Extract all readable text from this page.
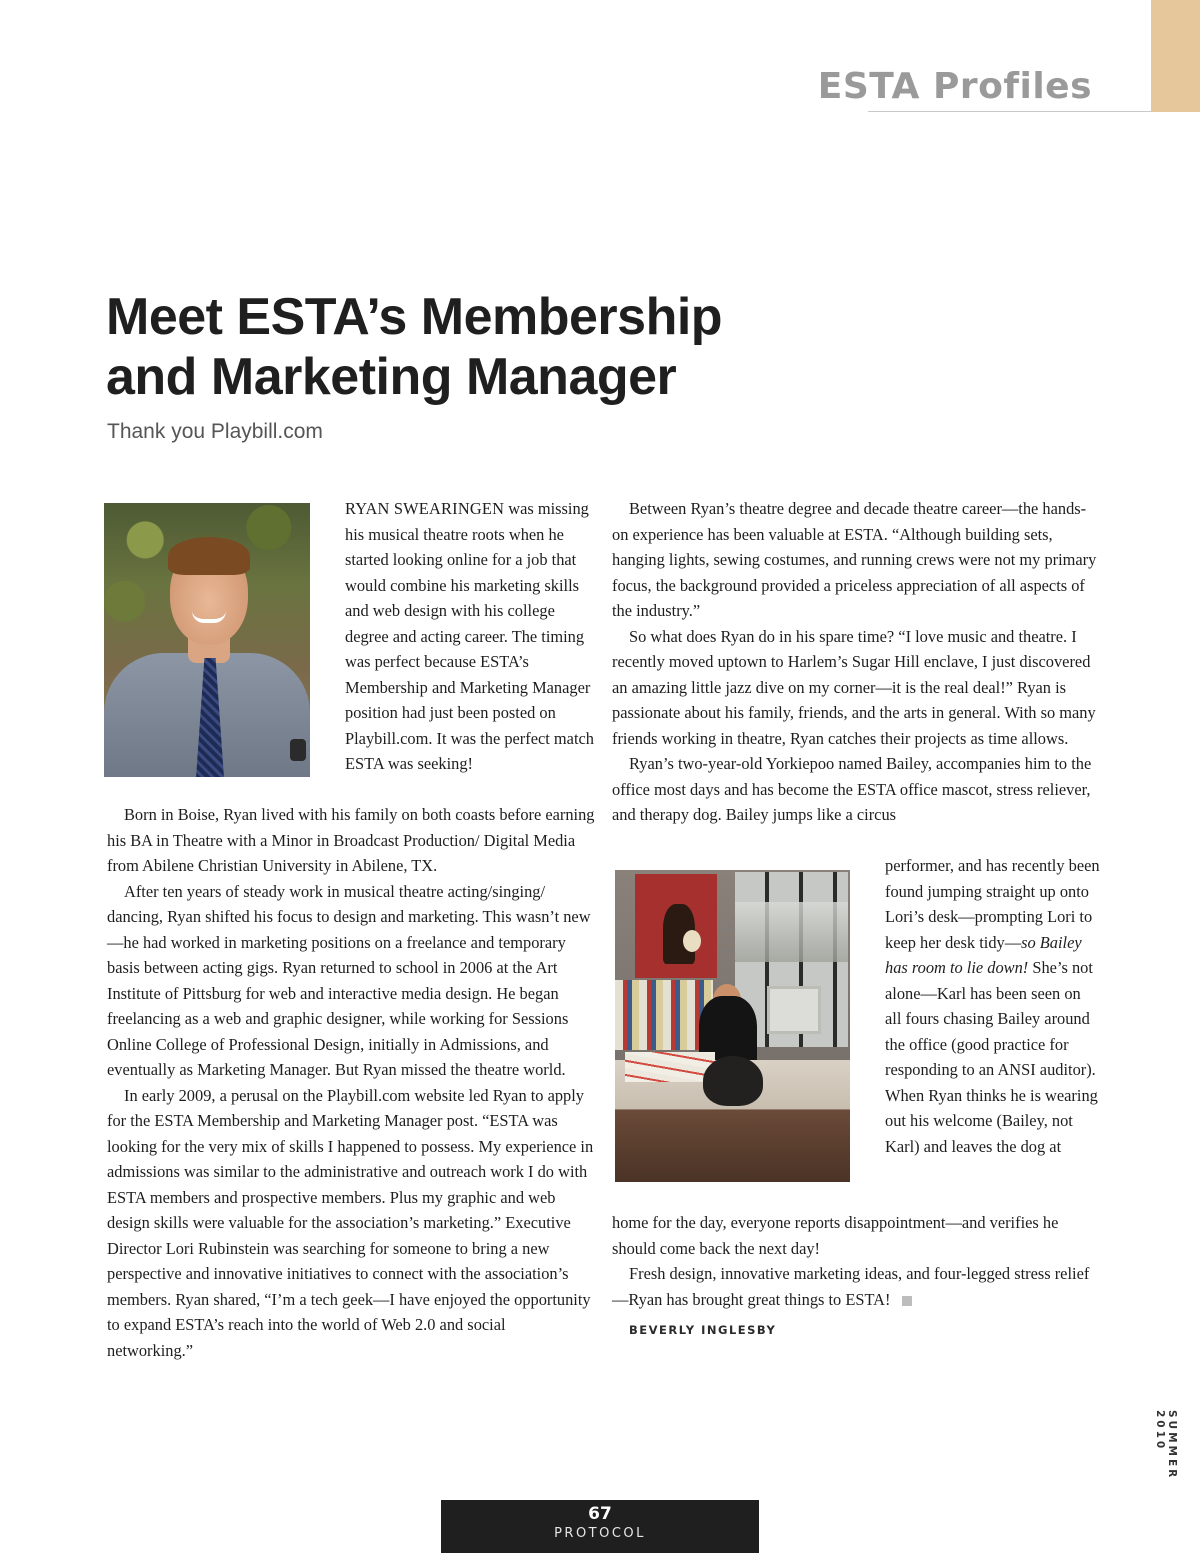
ESTA Profiles
Meet ESTA’s Membership and Marketing Manager
Thank you Playbill.com

RYAN SWEARINGEN was missing his musical theatre roots when he started looking online for a job that would combine his marketing skills and web design with his college degree and acting career. The timing was perfect because ESTA’s Membership and Marketing Manager position had just been posted on Playbill.com. It was the perfect match ESTA was seeking!

Born in Boise, Ryan lived with his family on both coasts before earning his BA in Theatre with a Minor in Broadcast Production/ Digital Media from Abilene Christian University in Abilene, TX.

After ten years of steady work in musical theatre acting/singing/ dancing, Ryan shifted his focus to design and marketing. This wasn’t new—he had worked in marketing positions on a freelance and temporary basis between acting gigs. Ryan returned to school in 2006 at the Art Institute of Pittsburg for web and interactive media design. He began freelancing as a web and graphic designer, while working for Sessions Online College of Professional Design, initially in Admissions, and eventually as Marketing Manager. But Ryan missed the theatre world.

In early 2009, a perusal on the Playbill.com website led Ryan to apply for the ESTA Membership and Marketing Manager post. “ESTA was looking for the very mix of skills I happened to possess. My experience in admissions was similar to the administrative and outreach work I do with ESTA members and prospective members. Plus my graphic and web design skills were valuable for the association’s marketing.” Executive Director Lori Rubinstein was searching for someone to bring a new perspective and innovative initiatives to connect with the association’s members. Ryan shared, “I’m a tech geek—I have enjoyed the opportunity to expand ESTA’s reach into the world of Web 2.0 and social networking.”

Between Ryan’s theatre degree and decade theatre career—the hands-on experience has been valuable at ESTA. “Although building sets, hanging lights, sewing costumes, and running crews were not my primary focus, the background provided a priceless appreciation of all aspects of the industry.”

So what does Ryan do in his spare time? “I love music and theatre. I recently moved uptown to Harlem’s Sugar Hill enclave, I just discovered an amazing little jazz dive on my corner—it is the real deal!” Ryan is passionate about his family, friends, and the arts in general. With so many friends working in theatre, Ryan catches their projects as time allows.

Ryan’s two-year-old Yorkiepoo named Bailey, accompanies him to the office most days and has become the ESTA office mascot, stress reliever, and therapy dog. Bailey jumps like a circus

performer, and has recently been found jumping straight up onto Lori’s desk—prompting Lori to keep her desk tidy—so Bailey has room to lie down! She’s not alone—Karl has been seen on all fours chasing Bailey around the office (good practice for responding to an ANSI auditor). When Ryan thinks he is wearing out his welcome (Bailey, not Karl) and leaves the dog at

home for the day, everyone reports disappointment—and verifies he should come back the next day!

Fresh design, innovative marketing ideas, and four-legged stress relief—Ryan has brought great things to ESTA!

BEVERLY INGLESBY

SUMMER 2010
67
PROTOCOL
